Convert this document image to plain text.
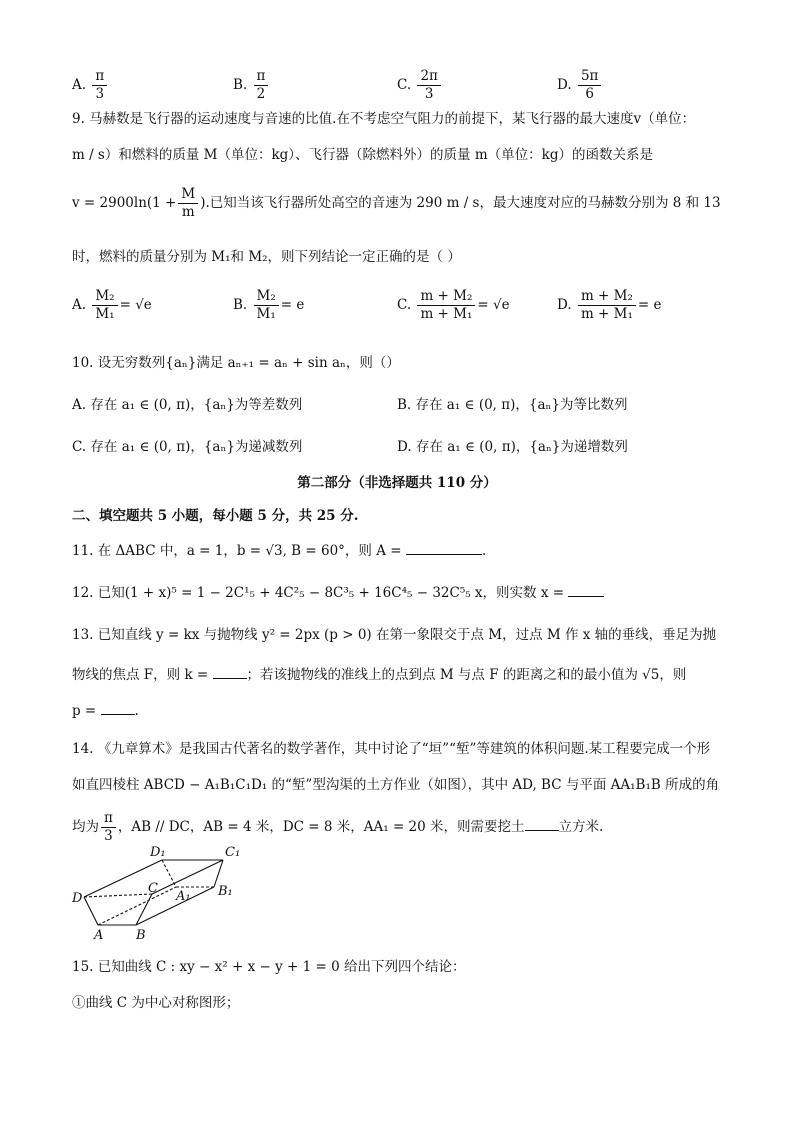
A. $\frac{\pi}{3}$	B. $\frac{\pi}{2}$	C. $\frac{2\pi}{3}$	D. $\frac{5\pi}{6}$
9. 马赫数是飞行器的运动速度与音速的比值.在不考虑空气阻力的前提下，某飞行器的最大速度v（单位：
m / s）和燃料的质量 M（单位：kg）、飞行器（除燃料外）的质量 m（单位：kg）的函数关系是
$v = 2900\ln(1 + \frac{M}{m}$ ).已知当该飞行器所处高空的音速为 290 m / s，最大速度对应的马赫数分别为 8 和 13
时，燃料的质量分别为 M₁和 M₂，则下列结论一定正确的是（ ）
A. $\frac{\text{M₂}}{\text{M₁}} = √e$	B. $\frac{\text{M₂}}{\text{M₁}} = e$	C. $\frac{\text{m + M₂}}{\text{m + M₁}} = √e$	D. $\frac{\text{m + M₂}}{\text{m + M₁}} = e$
10. 设无穷数列{aₙ}满足 aₙ₊₁ = aₙ + sin aₙ，则（）
A. 存在 a₁ ∈ (0, π)，{aₙ}为等差数列	B. 存在 a₁ ∈ (0, π)，{aₙ}为等比数列
C. 存在 a₁ ∈ (0, π)，{aₙ}为递减数列	D. 存在 a₁ ∈ (0, π)，{aₙ}为递增数列
第二部分（非选择题共 110 分）
二、填空题共 5 小题，每小题 5 分，共 25 分.
11. 在 ΔABC 中，a = 1，b = √3, B = 60°，则 A =	.
12. 已知(1 + x)⁵ = 1 − 2C¹₅ + 4C²₅ − 8C³₅ + 16C⁴₅ − 32C⁵₅ x，则实数 x =
13. 已知直线 y = kx 与抛物线 y² = 2px (p > 0) 在第一象限交于点 M，过点 M 作 x 轴的垂线，垂足为抛
物线的焦点 F，则 k =	；若该抛物线的准线上的点到点 M 与点 F 的距离之和的最小值为 √5，则
p =	.
14. 《九章算术》是我国古代著名的数学著作，其中讨论了“垣”“堑”等建筑的体积问题.某工程要完成一个形
如直四棱柱 ABCD − A₁B₁C₁D₁ 的“堑”型沟渠的土方作业（如图），其中 AD, BC 与平面 AA₁B₁B 所成的角
均为 $\frac{\pi}{3}$ ，AB // DC，AB = 4 米，DC = 8 米，AA₁ = 20 米，则需要挖土	立方米.
D₁	C₁
C	B₁
A₁
D
A	B
15. 已知曲线 C : xy − x² + x − y + 1 = 0 给出下列四个结论：
①曲线 C 为中心对称图形；
